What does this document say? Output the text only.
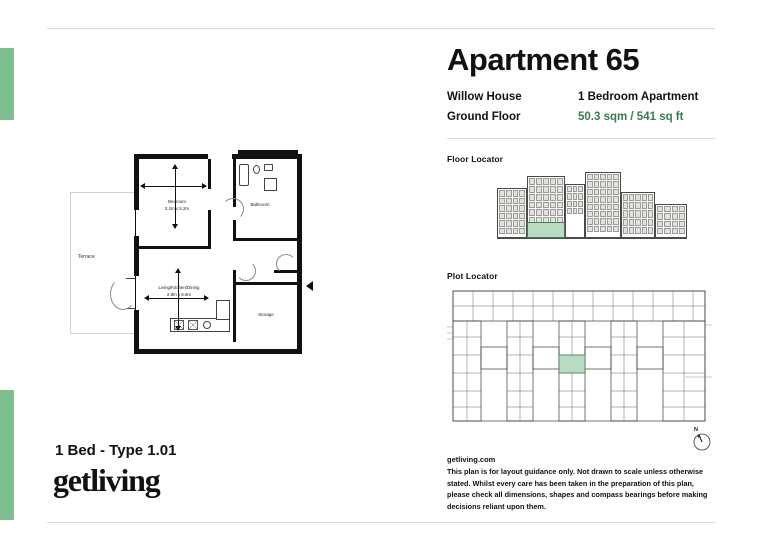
Apartment 65
Willow House
Ground Floor
1 Bedroom Apartment
50.3 sqm / 541 sq ft
Floor Locator
Plot Locator
Terrace
Bedroom
3.2m x 5.2m
Living/Kitchen/Dining
2.8m x 5.6m
Bathroom
Storage
N
1 Bed - Type 1.01
getliving
getliving.com
This plan is for layout guidance only. Not drawn to scale unless otherwise stated. Whilst every care has been taken in the preparation of this plan, please check all dimensions, shapes and compass bearings before making decisions reliant upon them.
